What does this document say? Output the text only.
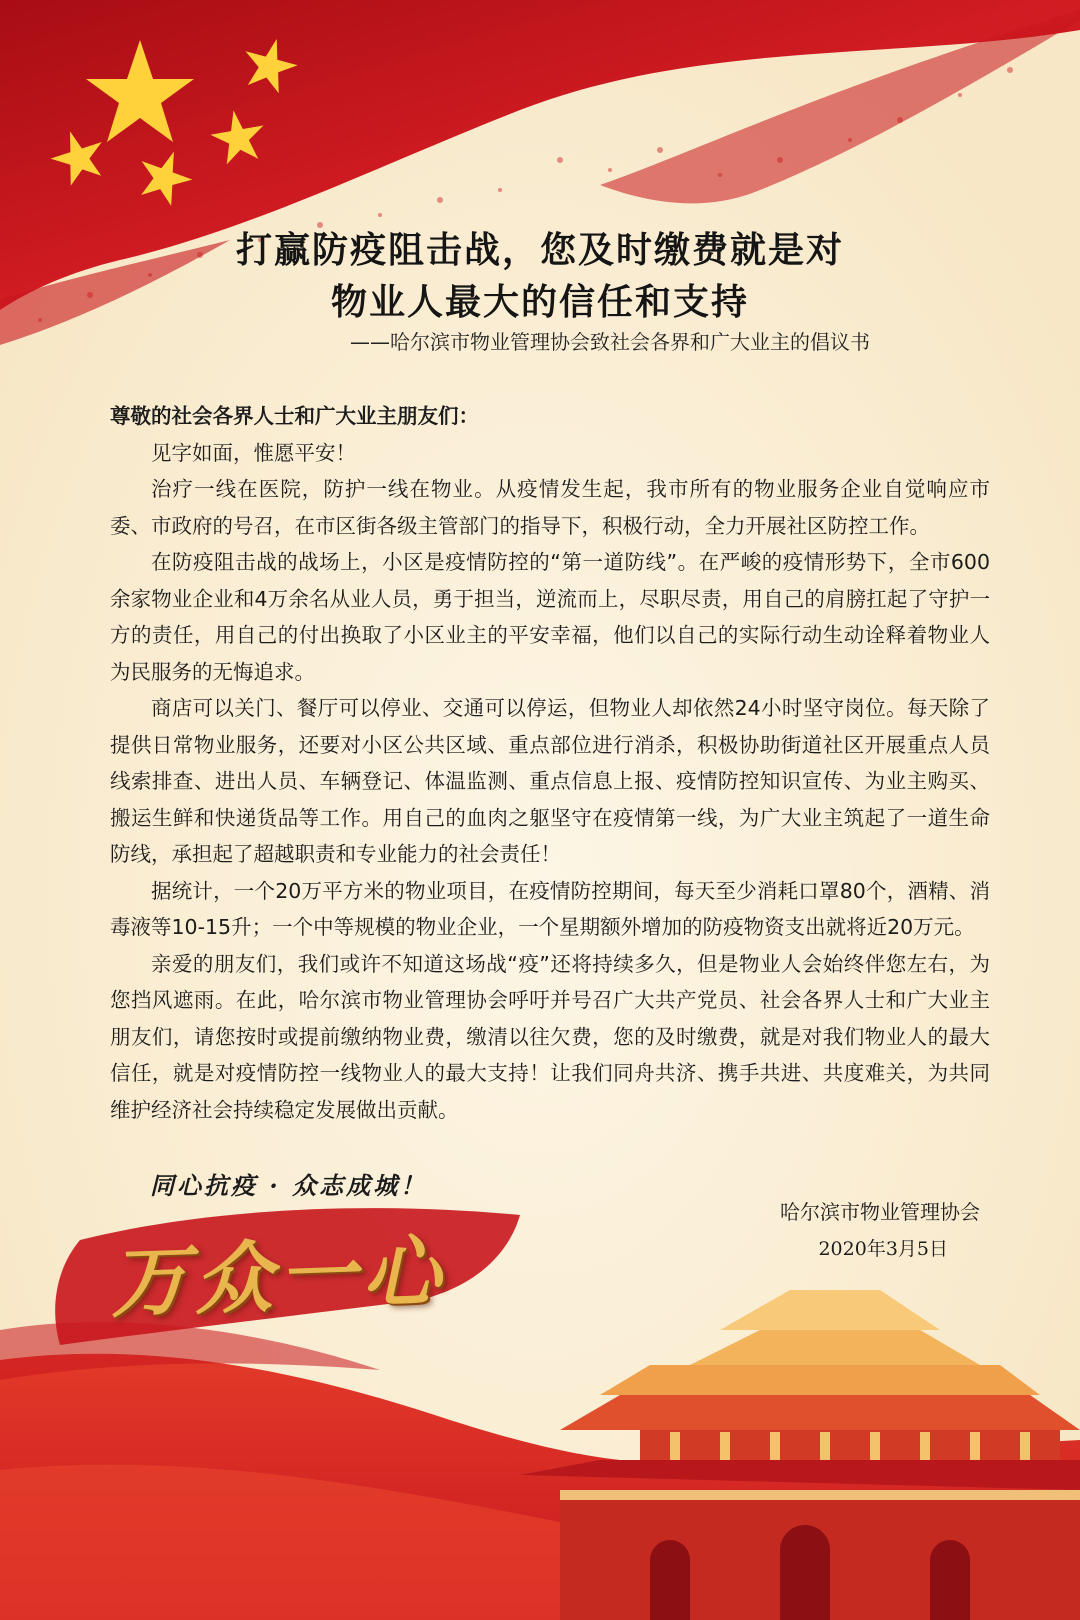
打赢防疫阻击战，您及时缴费就是对
物业人最大的信任和支持
——哈尔滨市物业管理协会致社会各界和广大业主的倡议书

尊敬的社会各界人士和广大业主朋友们：

见字如面，惟愿平安！

治疗一线在医院，防护一线在物业。从疫情发生起，我市所有的物业服务企业自觉响应市委、市政府的号召，在市区街各级主管部门的指导下，积极行动，全力开展社区防控工作。

在防疫阻击战的战场上，小区是疫情防控的“第一道防线”。在严峻的疫情形势下，全市600余家物业企业和4万余名从业人员，勇于担当，逆流而上，尽职尽责，用自己的肩膀扛起了守护一方的责任，用自己的付出换取了小区业主的平安幸福，他们以自己的实际行动生动诠释着物业人为民服务的无悔追求。

商店可以关门、餐厅可以停业、交通可以停运，但物业人却依然24小时坚守岗位。每天除了提供日常物业服务，还要对小区公共区域、重点部位进行消杀，积极协助街道社区开展重点人员线索排查、进出人员、车辆登记、体温监测、重点信息上报、疫情防控知识宣传、为业主购买、搬运生鲜和快递货品等工作。用自己的血肉之躯坚守在疫情第一线，为广大业主筑起了一道生命防线，承担起了超越职责和专业能力的社会责任！

据统计，一个20万平方米的物业项目，在疫情防控期间，每天至少消耗口罩80个，酒精、消毒液等10-15升；一个中等规模的物业企业，一个星期额外增加的防疫物资支出就将近20万元。

亲爱的朋友们，我们或许不知道这场战“疫”还将持续多久，但是物业人会始终伴您左右，为您挡风遮雨。在此，哈尔滨市物业管理协会呼吁并号召广大共产党员、社会各界人士和广大业主朋友们，请您按时或提前缴纳物业费，缴清以往欠费，您的及时缴费，就是对我们物业人的最大信任，就是对疫情防控一线物业人的最大支持！让我们同舟共济、携手共进、共度难关，为共同维护经济社会持续稳定发展做出贡献。

同心抗疫 · 众志成城！
万众一心
哈尔滨市物业管理协会
2020年3月5日
